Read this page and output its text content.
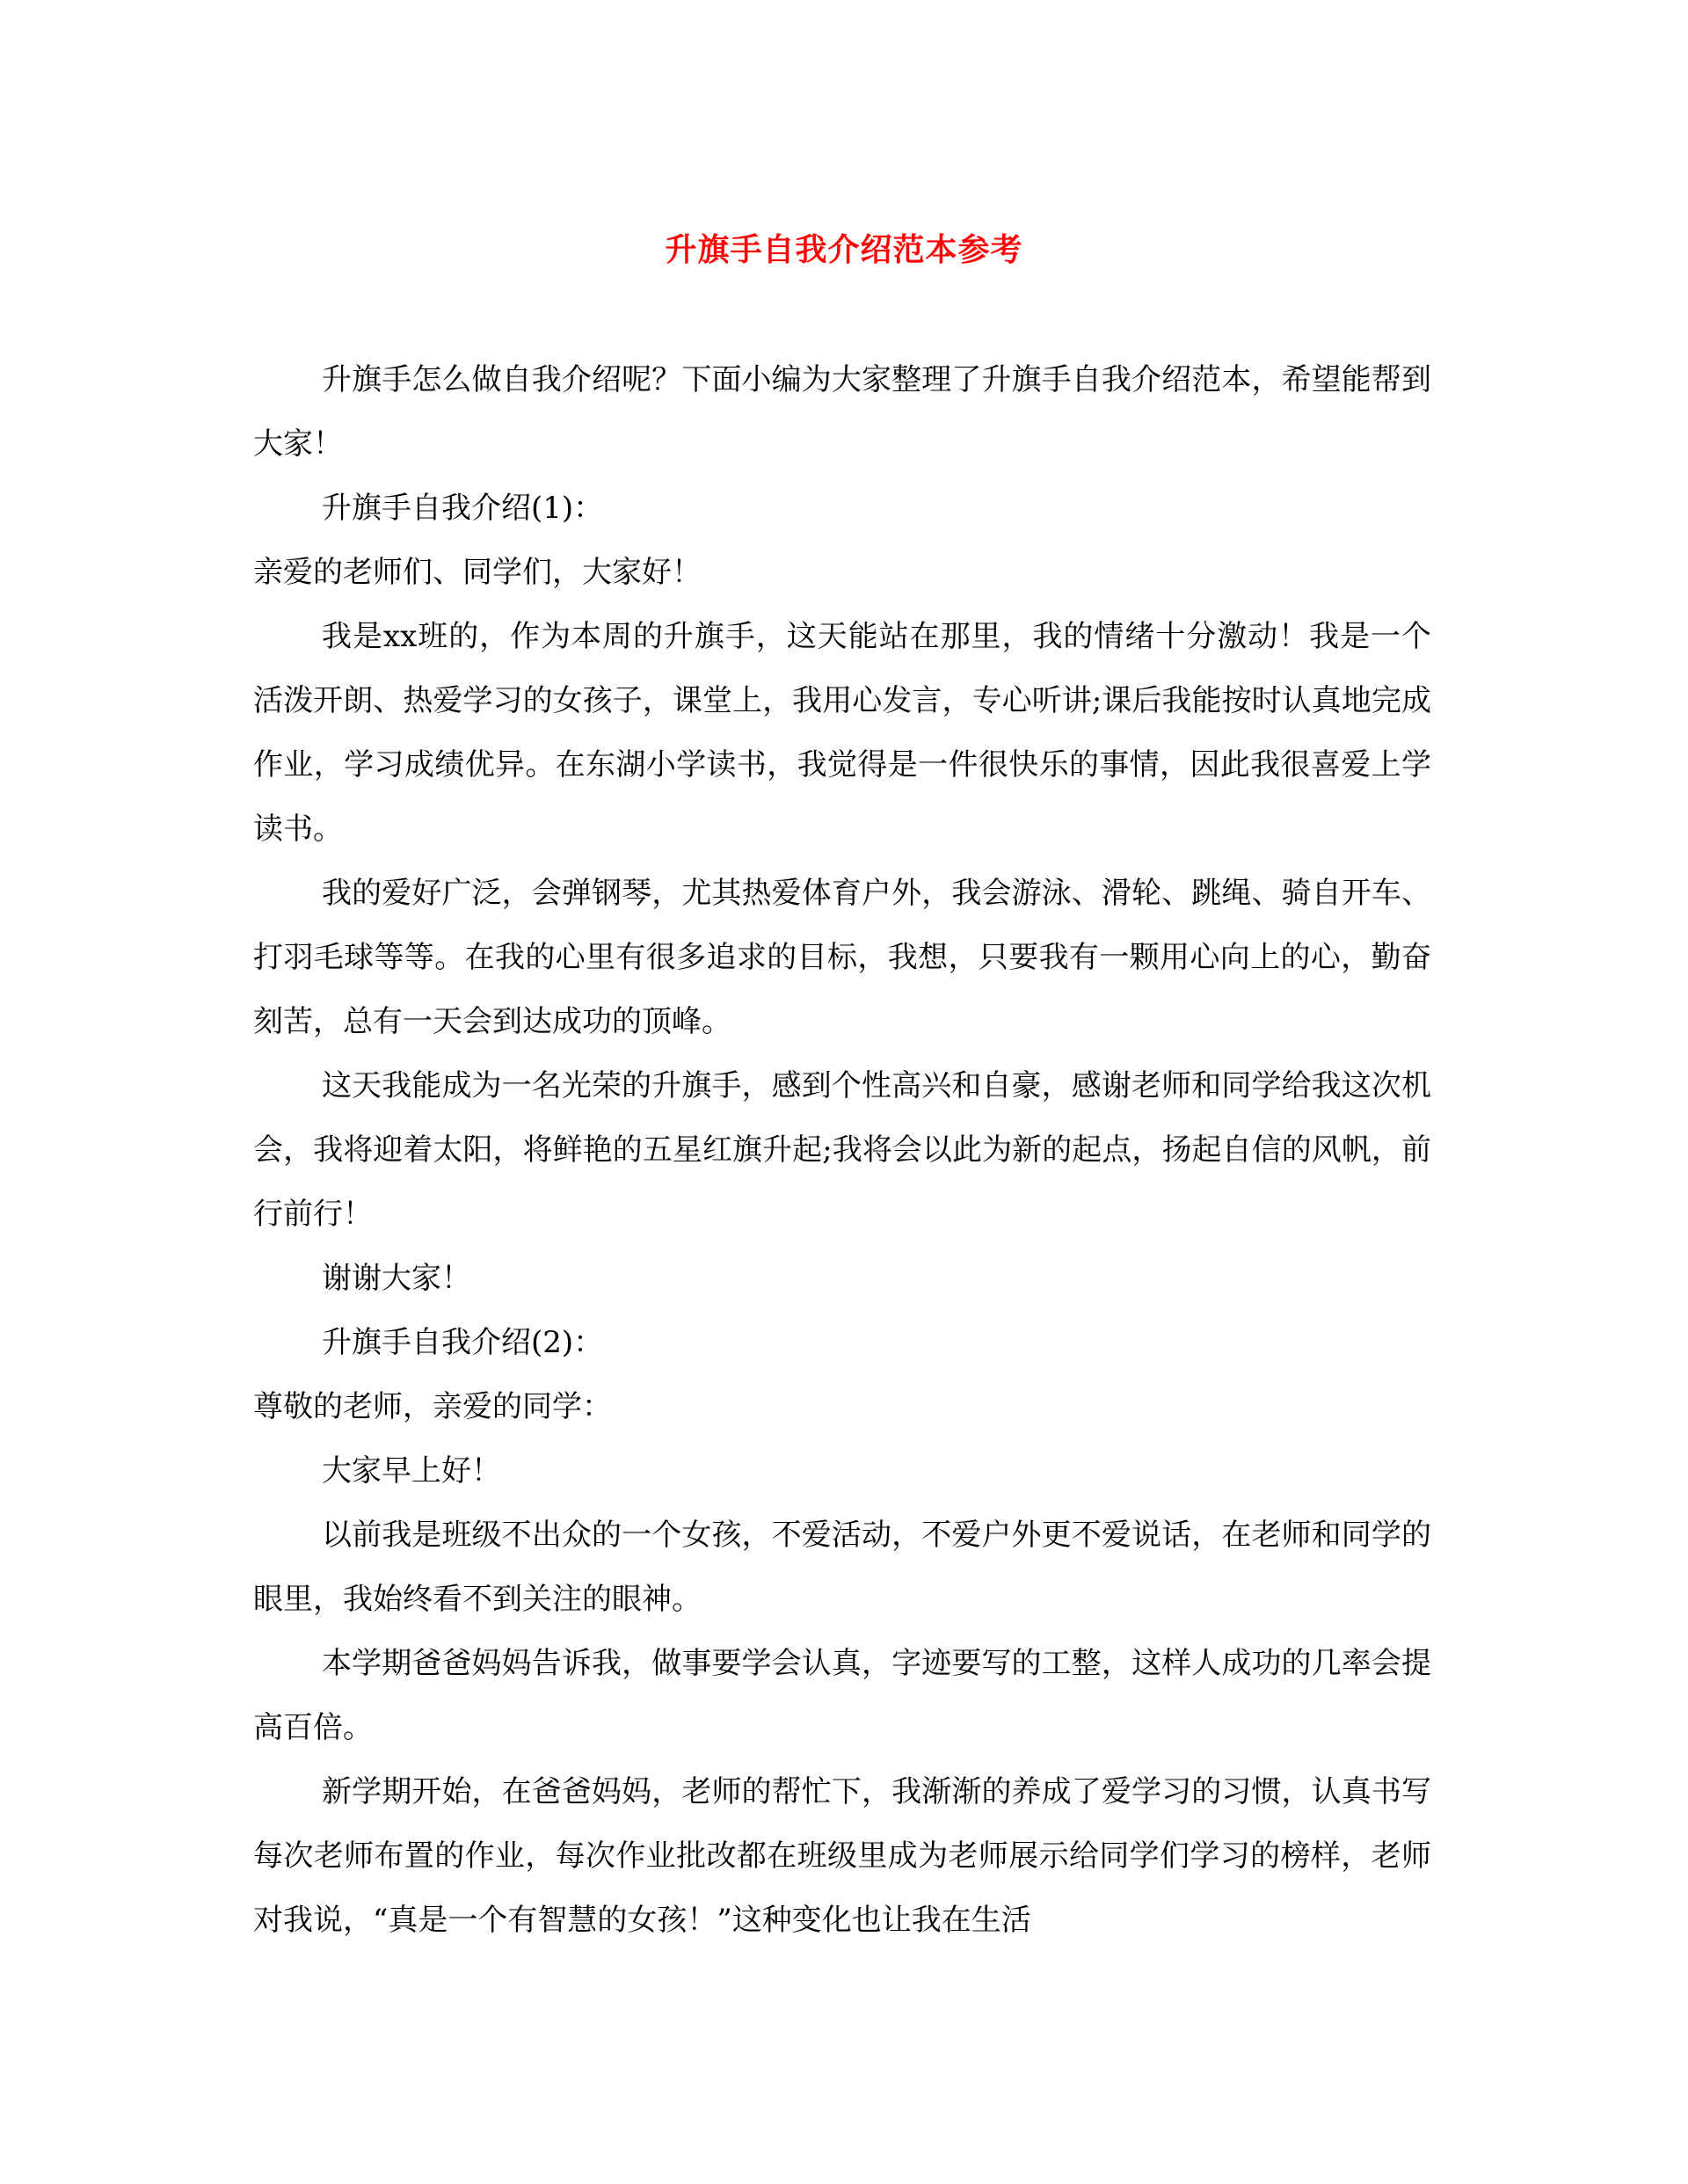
升旗手自我介绍范本参考

升旗手怎么做自我介绍呢？下面小编为大家整理了升旗手自我介绍范本，希望能帮到大家！

升旗手自我介绍(1)：

亲爱的老师们、同学们，大家好！

我是xx班的，作为本周的升旗手，这天能站在那里，我的情绪十分激动！我是一个活泼开朗、热爱学习的女孩子，课堂上，我用心发言，专心听讲;课后我能按时认真地完成作业，学习成绩优异。在东湖小学读书，我觉得是一件很快乐的事情，因此我很喜爱上学读书。

我的爱好广泛，会弹钢琴，尤其热爱体育户外，我会游泳、滑轮、跳绳、骑自开车、打羽毛球等等。在我的心里有很多追求的目标，我想，只要我有一颗用心向上的心，勤奋刻苦，总有一天会到达成功的顶峰。

这天我能成为一名光荣的升旗手，感到个性高兴和自豪，感谢老师和同学给我这次机会，我将迎着太阳，将鲜艳的五星红旗升起;我将会以此为新的起点，扬起自信的风帆，前行前行！

谢谢大家！

升旗手自我介绍(2)：

尊敬的老师，亲爱的同学：

大家早上好！

以前我是班级不出众的一个女孩，不爱活动，不爱户外更不爱说话，在老师和同学的眼里，我始终看不到关注的眼神。

本学期爸爸妈妈告诉我，做事要学会认真，字迹要写的工整，这样人成功的几率会提高百倍。

新学期开始，在爸爸妈妈，老师的帮忙下，我渐渐的养成了爱学习的习惯，认真书写每次老师布置的作业，每次作业批改都在班级里成为老师展示给同学们学习的榜样，老师对我说，“真是一个有智慧的女孩！”这种变化也让我在生活
